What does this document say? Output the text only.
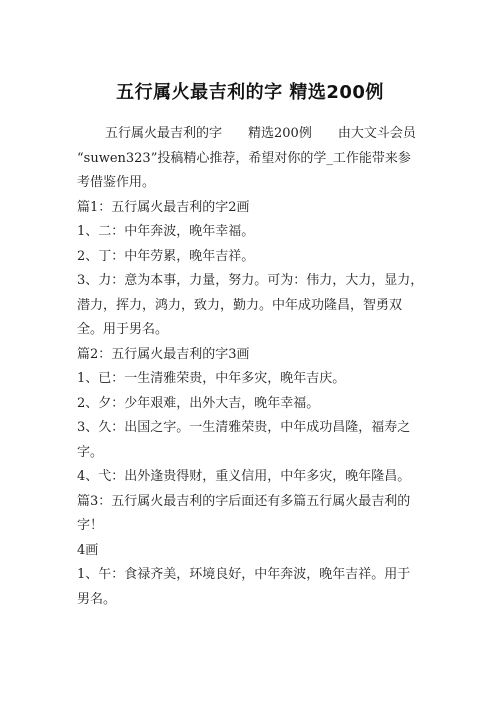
五行属火最吉利的字 精选200例
五行属火最吉利的字　　精选200例　　由大文斗会员
“suwen323”投稿精心推荐，希望对你的学_工作能带来参
考借鉴作用。
篇1：五行属火最吉利的字2画
1、二：中年奔波，晚年幸福。
2、丁：中年劳累，晚年吉祥。
3、力：意为本事，力量，努力。可为：伟力，大力，显力，
潜力，挥力，鸿力，致力，勤力。中年成功隆昌，智勇双
全。用于男名。
篇2：五行属火最吉利的字3画
1、已：一生清雅荣贵，中年多灾，晚年吉庆。
2、夕：少年艰难，出外大吉，晚年幸福。
3、久：出国之字。一生清雅荣贵，中年成功昌隆，福寿之
字。
4、弋：出外逢贵得财，重义信用，中年多灾，晚年隆昌。
篇3：五行属火最吉利的字后面还有多篇五行属火最吉利的
字！
4画
1、午：食禄齐美，环境良好，中年奔波，晚年吉祥。用于
男名。
